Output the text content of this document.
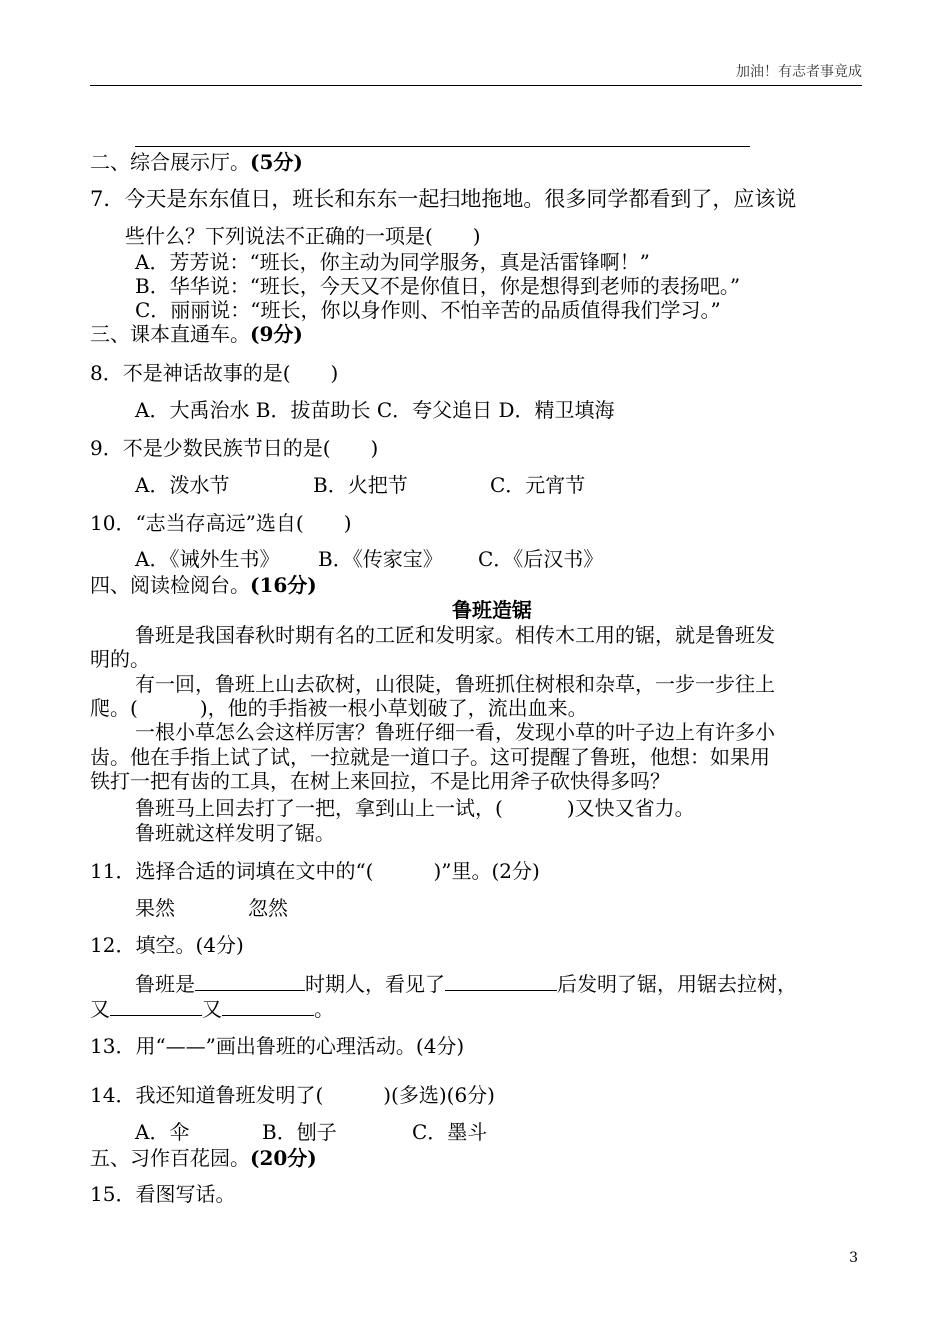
加油！有志者事竟成
二、综合展示厅。(5分)
7．今天是东东值日，班长和东东一起扫地拖地。很多同学都看到了，应该说
些什么？下列说法不正确的一项是(　　)
A．芳芳说：“班长，你主动为同学服务，真是活雷锋啊！”
B．华华说：“班长，今天又不是你值日，你是想得到老师的表扬吧。”
C．丽丽说：“班长，你以身作则、不怕辛苦的品质值得我们学习。”
三、课本直通车。(9分)
8．不是神话故事的是(　　)
A．大禹治水 B．拔苗助长 C．夸父追日 D．精卫填海
9．不是少数民族节日的是(　　)
A．泼水节	B．火把节	C．元宵节
10．“志当存高远”选自(　　)
A．《诫外生书》 B．《传家宝》 C．《后汉书》
四、阅读检阅台。(16分)
鲁班造锯
鲁班是我国春秋时期有名的工匠和发明家。相传木工用的锯，就是鲁班发
明的。
有一回，鲁班上山去砍树，山很陡，鲁班抓住树根和杂草，一步一步往上
爬。(	)，他的手指被一根小草划破了，流出血来。
一根小草怎么会这样厉害？鲁班仔细一看，发现小草的叶子边上有许多小
齿。他在手指上试了试，一拉就是一道口子。这可提醒了鲁班，他想：如果用
铁打一把有齿的工具，在树上来回拉，不是比用斧子砍快得多吗？
鲁班马上回去打了一把，拿到山上一试，(	)又快又省力。
鲁班就这样发明了锯。
11．选择合适的词填在文中的“(　　　)”里。(2分)
果然	忽然
12．填空。(4分)
鲁班是	时期人，看见了	后发明了锯，用锯去拉树，
又	又	。
13．用“——”画出鲁班的心理活动。(4分)
14．我还知道鲁班发明了(　　　)(多选)(6分)
A．伞	B．刨子	C．墨斗
五、习作百花园。(20分)
15．看图写话。
3
